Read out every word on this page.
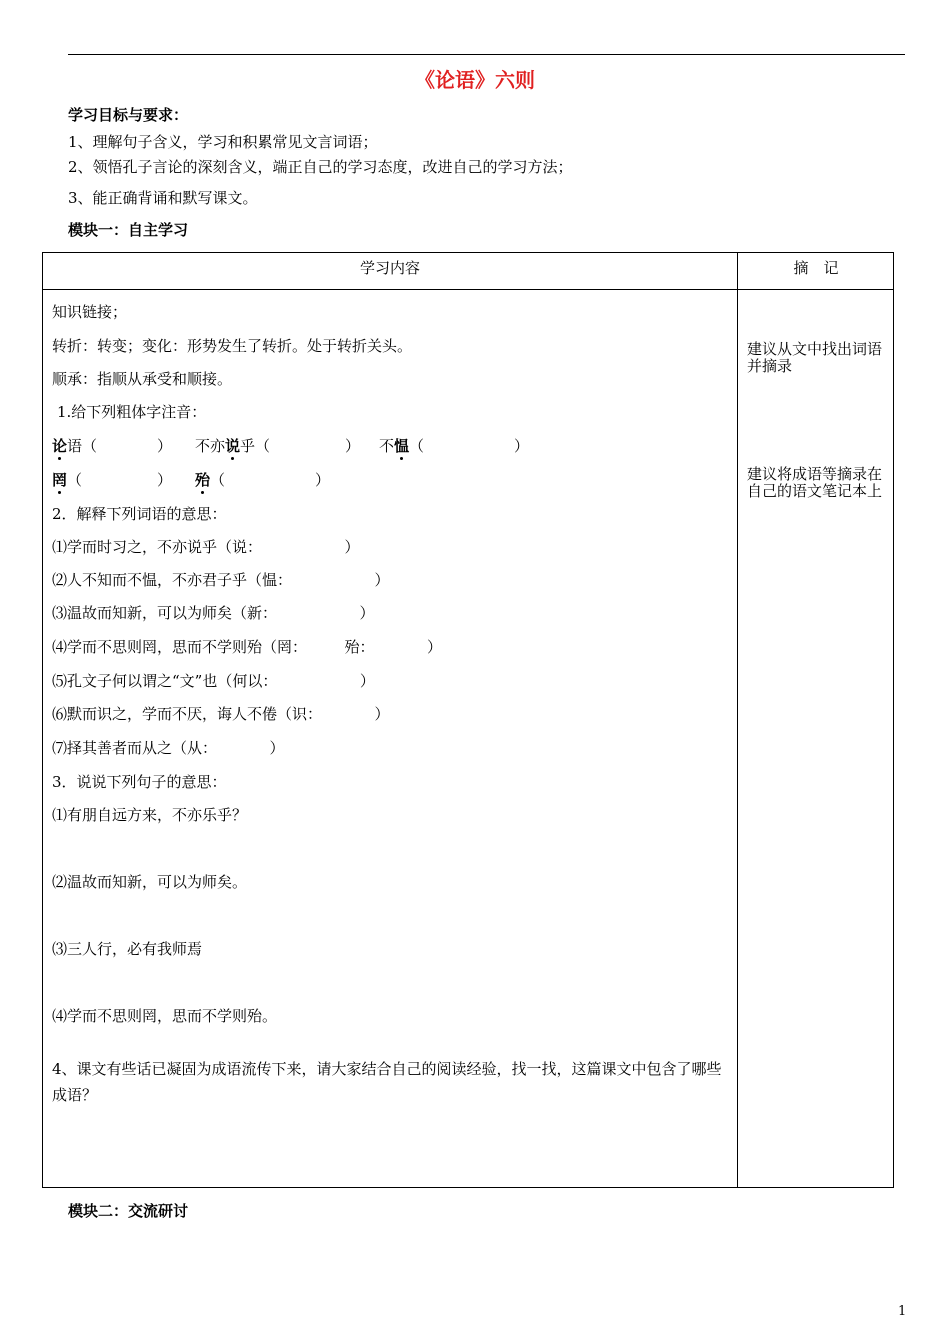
《论语》六则
学习目标与要求：
1、理解句子含义，学习和积累常见文言词语；
2、领悟孔子言论的深刻含义，端正自己的学习态度，改进自己的学习方法；
3、能正确背诵和默写课文。
模块一：自主学习
学习内容	摘　记
知识链接；
转折：转变；变化：形势发生了转折。处于转折关头。
顺承：指顺从承受和顺接。
1.给下列粗体字注音：
论语（　　　　） 不亦说乎（　　　　　） 不愠（　　　　　　）
罔（　　　　　） 殆（　　　　　　）
2．解释下列词语的意思：
⑴学而时习之，不亦说乎（说：　　　　　　）
⑵人不知而不愠，不亦君子乎（愠：　　　　　　）
⑶温故而知新，可以为师矣（新：　　　　　　）
⑷学而不思则罔，思而不学则殆（罔：　　　殆：　　　　）
⑸孔文子何以谓之“文”也（何以：　　　　　　）
⑹默而识之，学而不厌，诲人不倦（识：　　　　）
⑺择其善者而从之（从：　　　　）
3．说说下列句子的意思：
⑴有朋自远方来，不亦乐乎？
⑵温故而知新，可以为师矣。
⑶三人行，必有我师焉
⑷学而不思则罔，思而不学则殆。
4、课文有些话已凝固为成语流传下来，请大家结合自己的阅读经验，找一找，这篇课文中包含了哪些成语？
建议从文中找出词语并摘录
建议将成语等摘录在自己的语文笔记本上
模块二：交流研讨
1
